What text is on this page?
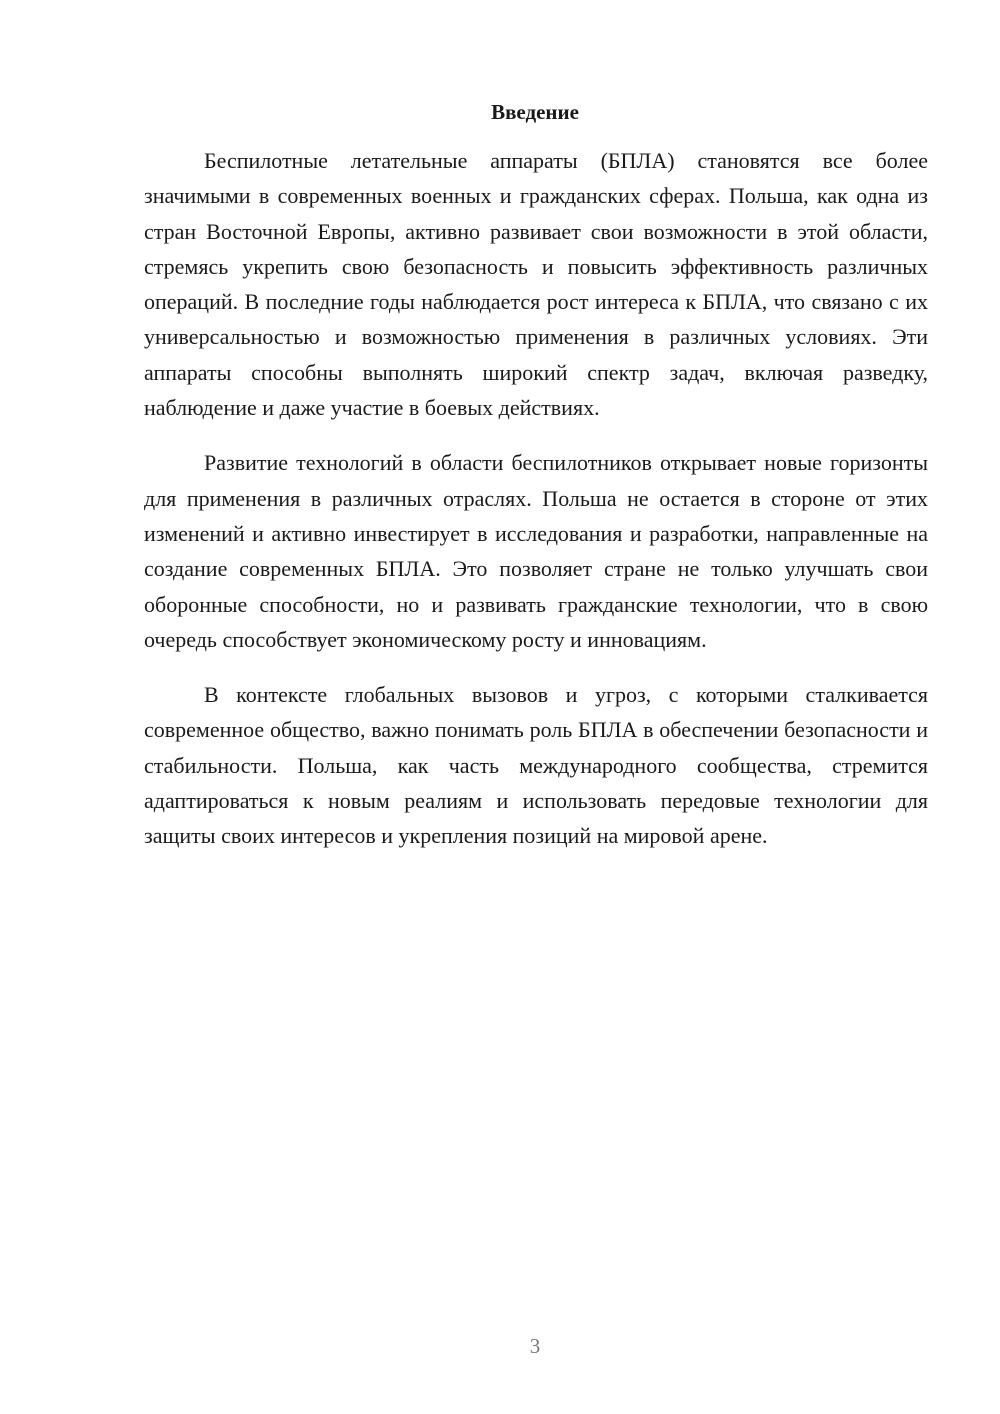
Введение

Беспилотные летательные аппараты (БПЛА) становятся все более значимыми в современных военных и гражданских сферах. Польша, как одна из стран Восточной Европы, активно развивает свои возможности в этой области, стремясь укрепить свою безопасность и повысить эффективность различных операций. В последние годы наблюдается рост интереса к БПЛА, что связано с их универсальностью и возможностью применения в различных условиях. Эти аппараты способны выполнять широкий спектр задач, включая разведку, наблюдение и даже участие в боевых действиях.

Развитие технологий в области беспилотников открывает новые горизонты для применения в различных отраслях. Польша не остается в стороне от этих изменений и активно инвестирует в исследования и разработки, направленные на создание современных БПЛА. Это позволяет стране не только улучшать свои оборонные способности, но и развивать гражданские технологии, что в свою очередь способствует экономическому росту и инновациям.

В контексте глобальных вызовов и угроз, с которыми сталкивается современное общество, важно понимать роль БПЛА в обеспечении безопасности и стабильности. Польша, как часть международного сообщества, стремится адаптироваться к новым реалиям и использовать передовые технологии для защиты своих интересов и укрепления позиций на мировой арене.

3
